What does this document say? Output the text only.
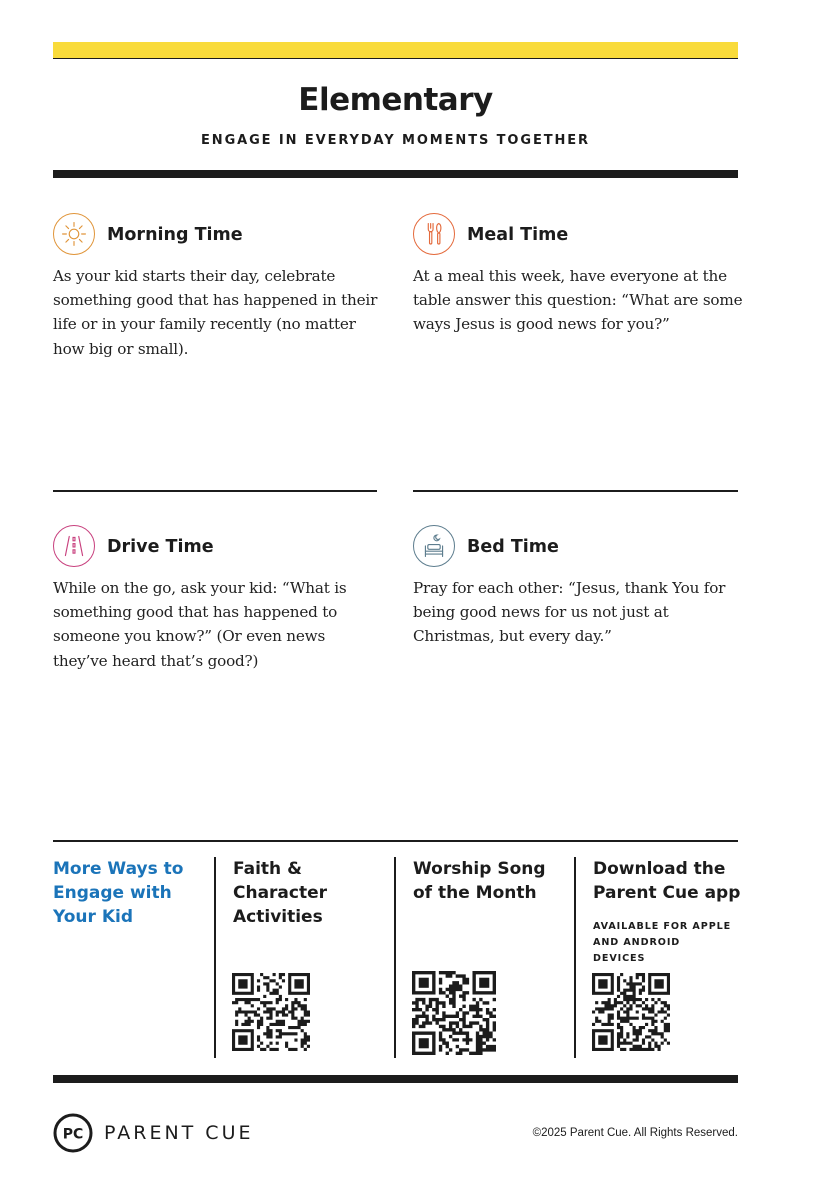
Elementary
ENGAGE IN EVERYDAY MOMENTS TOGETHER
Morning Time
As your kid starts their day, celebrate something good that has happened in their life or in your family recently (no matter how big or small).
Meal Time
At a meal this week, have everyone at the table answer this question: “What are some ways Jesus is good news for you?”
Drive Time
While on the go, ask your kid: “What is something good that has happened to someone you know?” (Or even news they’ve heard that’s good?)
Bed Time
Pray for each other: “Jesus, thank You for being good news for us not just at Christmas, but every day.”
More Ways to Engage with Your Kid
Faith & Character Activities
Worship Song of the Month
Download the Parent Cue app
AVAILABLE FOR APPLE AND ANDROID DEVICES
PC PARENT CUE	©2025 Parent Cue. All Rights Reserved.
